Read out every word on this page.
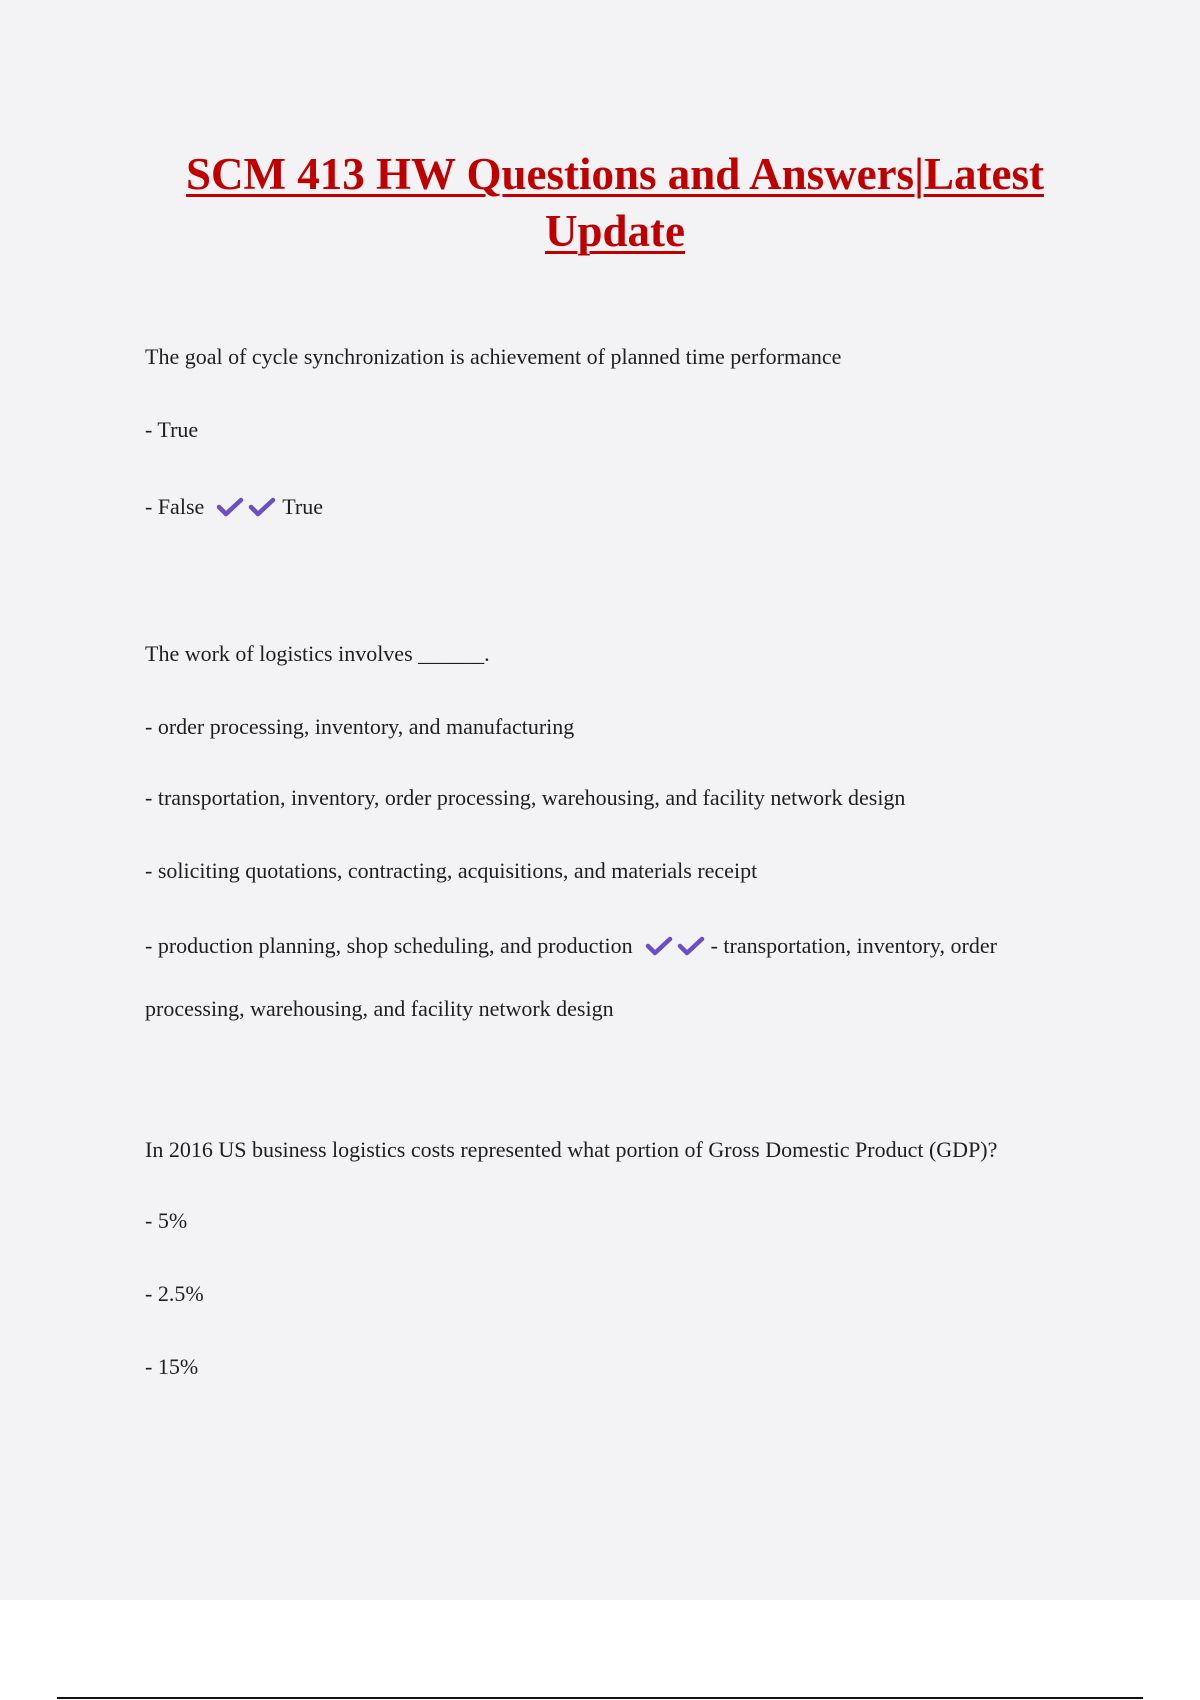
SCM 413 HW Questions and Answers|Latest
Update

The goal of cycle synchronization is achievement of planned time performance

- True

- False	True

The work of logistics involves ______.

- order processing, inventory, and manufacturing

- transportation, inventory, order processing, warehousing, and facility network design

- soliciting quotations, contracting, acquisitions, and materials receipt

- production planning, shop scheduling, and production	- transportation, inventory, order

processing, warehousing, and facility network design

In 2016 US business logistics costs represented what portion of Gross Domestic Product (GDP)?

- 5%

- 2.5%

- 15%
